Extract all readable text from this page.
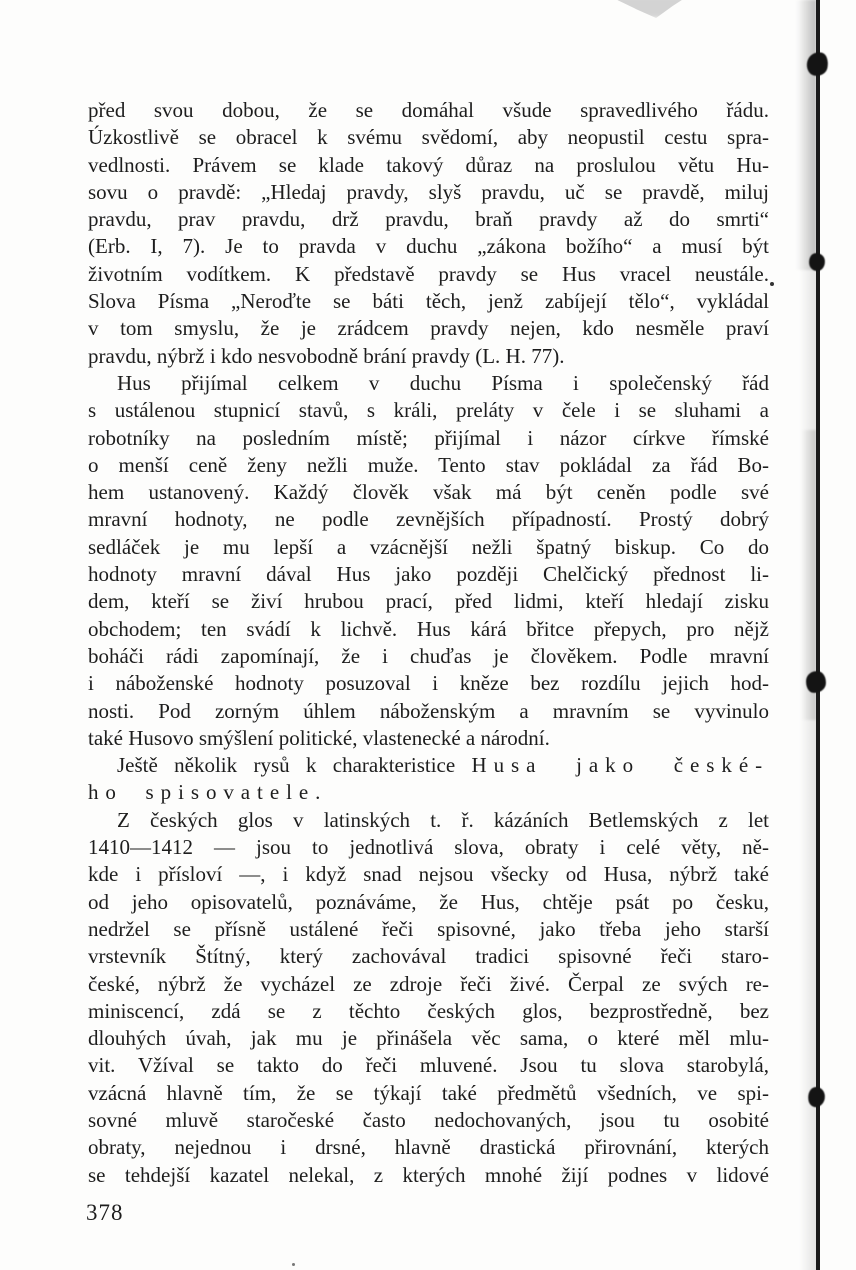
před svou dobou, že se domáhal všude spravedlivého řádu.
Úzkostlivě se obracel k svému svědomí, aby neopustil cestu spra-
vedlnosti. Právem se klade takový důraz na proslulou větu Hu-
sovu o pravdě: „Hledaj pravdy, slyš pravdu, uč se pravdě, miluj
pravdu, prav pravdu, drž pravdu, braň pravdy až do smrti“
(Erb. I, 7). Je to pravda v duchu „zákona božího“ a musí být
životním vodítkem. K představě pravdy se Hus vracel neustále.
Slova Písma „Neroďte se báti těch, jenž zabíjejí tělo“, vykládal
v tom smyslu, že je zrádcem pravdy nejen, kdo nesměle praví
pravdu, nýbrž i kdo nesvobodně brání pravdy (L. H. 77).
Hus přijímal celkem v duchu Písma i společenský řád
s ustálenou stupnicí stavů, s králi, preláty v čele i se sluhami a
robotníky na posledním místě; přijímal i názor církve římské
o menší ceně ženy nežli muže. Tento stav pokládal za řád Bo-
hem ustanovený. Každý člověk však má být ceněn podle své
mravní hodnoty, ne podle zevnějších případností. Prostý dobrý
sedláček je mu lepší a vzácnější nežli špatný biskup. Co do
hodnoty mravní dával Hus jako později Chelčický přednost li-
dem, kteří se živí hrubou prací, před lidmi, kteří hledají zisku
obchodem; ten svádí k lichvě. Hus kárá břitce přepych, pro nějž
boháči rádi zapomínají, že i chuďas je člověkem. Podle mravní
i náboženské hodnoty posuzoval i kněze bez rozdílu jejich hod-
nosti. Pod zorným úhlem náboženským a mravním se vyvinulo
také Husovo smýšlení politické, vlastenecké a národní.
Ještě několik rysů k charakteristice Husa jako české-
ho spisovatele.
Z českých glos v latinských t. ř. kázáních Betlemských z let
1410—1412 — jsou to jednotlivá slova, obraty i celé věty, ně-
kde i přísloví —, i když snad nejsou všecky od Husa, nýbrž také
od jeho opisovatelů, poznáváme, že Hus, chtěje psát po česku,
nedržel se přísně ustálené řeči spisovné, jako třeba jeho starší
vrstevník Štítný, který zachovával tradici spisovné řeči staro-
české, nýbrž že vycházel ze zdroje řeči živé. Čerpal ze svých re-
miniscencí, zdá se z těchto českých glos, bezprostředně, bez
dlouhých úvah, jak mu je přinášela věc sama, o které měl mlu-
vit. Vžíval se takto do řeči mluvené. Jsou tu slova starobylá,
vzácná hlavně tím, že se týkají také předmětů všedních, ve spi-
sovné mluvě staročeské často nedochovaných, jsou tu osobité
obraty, nejednou i drsné, hlavně drastická přirovnání, kterých
se tehdejší kazatel nelekal, z kterých mnohé žijí podnes v lidové
378
